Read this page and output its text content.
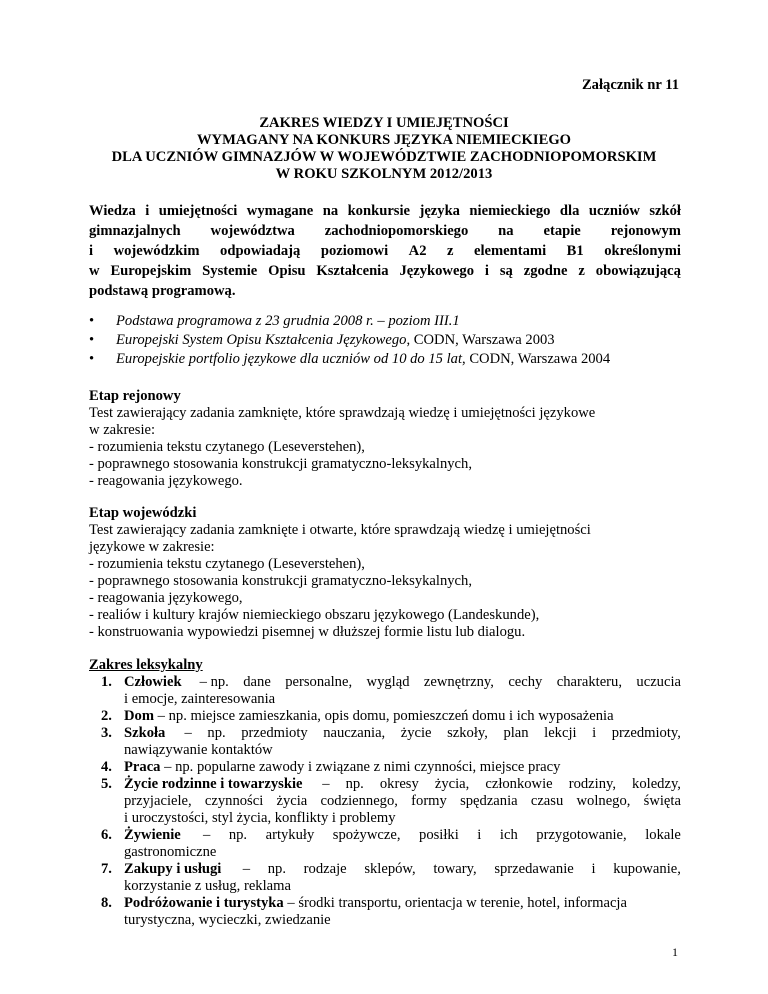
Załącznik nr 11
ZAKRES WIEDZY I UMIEJĘTNOŚCI
WYMAGANY NA KONKURS JĘZYKA NIEMIECKIEGO
DLA UCZNIÓW GIMNAZJÓW W WOJEWÓDZTWIE ZACHODNIOPOMORSKIM
W ROKU SZKOLNYM 2012/2013
Wiedza i umiejętności wymagane na konkursie języka niemieckiego dla uczniów szkół
gimnazjalnych województwa zachodniopomorskiego na etapie rejonowym
i wojewódzkim odpowiadają poziomowi A2 z elementami B1 określonymi
w Europejskim Systemie Opisu Kształcenia Językowego i są zgodne z obowiązującą
podstawą programową.
• Podstawa programowa z 23 grudnia 2008 r. – poziom III.1
• Europejski System Opisu Kształcenia Językowego, CODN, Warszawa 2003
• Europejskie portfolio językowe dla uczniów od 10 do 15 lat, CODN, Warszawa 2004
Etap rejonowy
Test zawierający zadania zamknięte, które sprawdzają wiedzę i umiejętności językowe
w zakresie:
- rozumienia tekstu czytanego (Leseverstehen),
- poprawnego stosowania konstrukcji gramatyczno-leksykalnych,
- reagowania językowego.
Etap wojewódzki
Test zawierający zadania zamknięte i otwarte, które sprawdzają wiedzę i umiejętności
językowe w zakresie:
- rozumienia tekstu czytanego (Leseverstehen),
- poprawnego stosowania konstrukcji gramatyczno-leksykalnych,
- reagowania językowego,
- realiów i kultury krajów niemieckiego obszaru językowego (Landeskunde),
- konstruowania wypowiedzi pisemnej w dłuższej formie listu lub dialogu.
Zakres leksykalny
1. Człowiek – np. dane personalne, wygląd zewnętrzny, cechy charakteru, uczucia
i emocje, zainteresowania
2. Dom – np. miejsce zamieszkania, opis domu, pomieszczeń domu i ich wyposażenia
3. Szkoła – np. przedmioty nauczania, życie szkoły, plan lekcji i przedmioty,
nawiązywanie kontaktów
4. Praca – np. popularne zawody i związane z nimi czynności, miejsce pracy
5. Życie rodzinne i towarzyskie – np. okresy życia, członkowie rodziny, koledzy,
przyjaciele, czynności życia codziennego, formy spędzania czasu wolnego, święta
i uroczystości, styl życia, konflikty i problemy
6. Żywienie – np. artykuły spożywcze, posiłki i ich przygotowanie, lokale
gastronomiczne
7. Zakupy i usługi – np. rodzaje sklepów, towary, sprzedawanie i kupowanie,
korzystanie z usług, reklama
8. Podróżowanie i turystyka – środki transportu, orientacja w terenie, hotel, informacja
turystyczna, wycieczki, zwiedzanie
1
